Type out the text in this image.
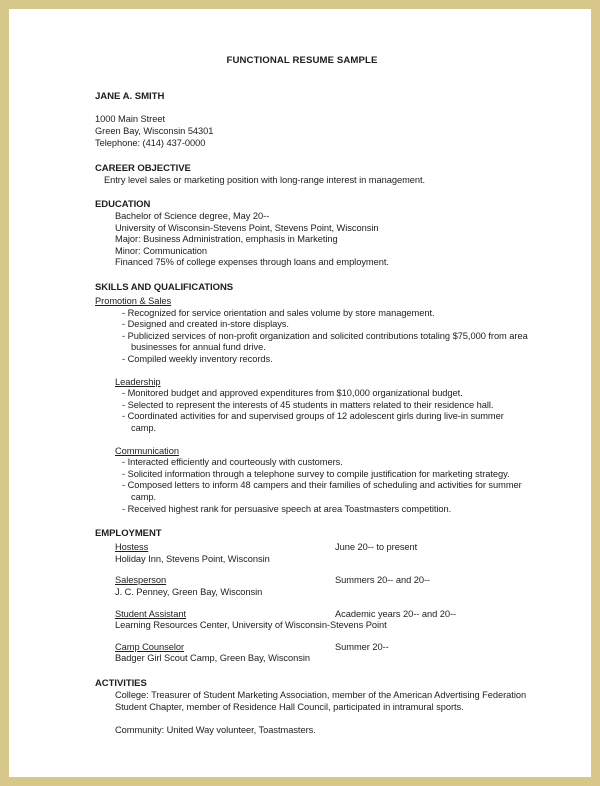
FUNCTIONAL RESUME SAMPLE
JANE A. SMITH
1000 Main Street
Green Bay, Wisconsin 54301
Telephone: (414) 437-0000
CAREER OBJECTIVE
Entry level sales or marketing position with long-range interest in management.
EDUCATION
Bachelor of Science degree, May 20--
University of Wisconsin-Stevens Point, Stevens Point, Wisconsin
Major: Business Administration, emphasis in Marketing
Minor: Communication
Financed 75% of college expenses through loans and employment.
SKILLS AND QUALIFICATIONS
Promotion & Sales
- Recognized for service orientation and sales volume by store management.
- Designed and created in-store displays.
- Publicized services of non-profit organization and solicited contributions totaling $75,000 from area businesses for annual fund drive.
- Compiled weekly inventory records.
Leadership
- Monitored budget and approved expenditures from $10,000 organizational budget.
- Selected to represent the interests of 45 students in matters related to their residence hall.
- Coordinated activities for and supervised groups of 12 adolescent girls during live-in summer camp.
Communication
- Interacted efficiently and courteously with customers.
- Solicited information through a telephone survey to compile justification for marketing strategy.
- Composed letters to inform 48 campers and their families of scheduling and activities for summer camp.
- Received highest rank for persuasive speech at area Toastmasters competition.
EMPLOYMENT
Hostess
Holiday Inn, Stevens Point, Wisconsin
June 20-- to present
Salesperson
J. C. Penney, Green Bay, Wisconsin
Summers 20-- and 20--
Student Assistant
Learning Resources Center, University of Wisconsin-Stevens Point
Academic years 20-- and 20--
Camp Counselor
Badger Girl Scout Camp, Green Bay, Wisconsin
Summer 20--
ACTIVITIES
College: Treasurer of Student Marketing Association, member of the American Advertising Federation Student Chapter, member of Residence Hall Council, participated in intramural sports.
Community: United Way volunteer, Toastmasters.
